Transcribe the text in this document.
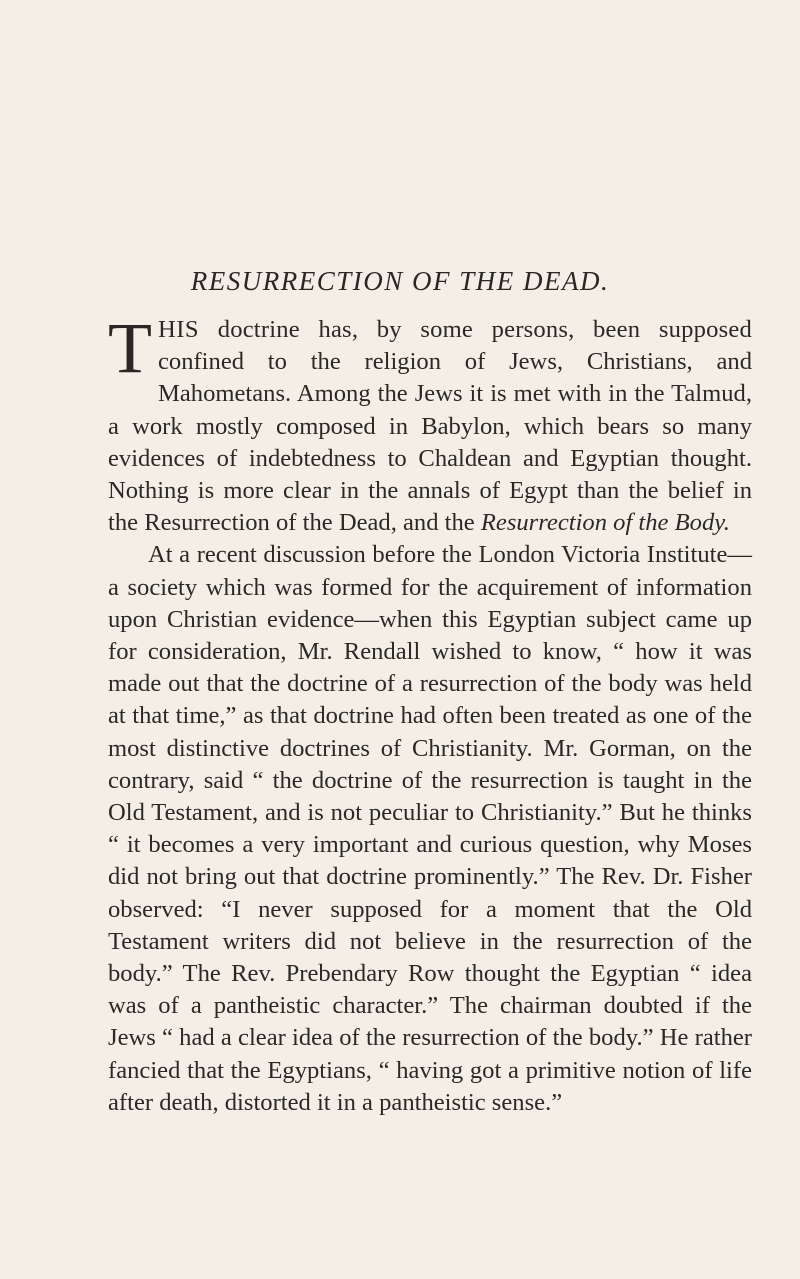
RESURRECTION OF THE DEAD.

THIS doctrine has, by some persons, been supposed confined to the religion of Jews, Christians, and Mahometans. Among the Jews it is met with in the Talmud, a work mostly composed in Babylon, which bears so many evidences of indebtedness to Chaldean and Egyptian thought. Nothing is more clear in the annals of Egypt than the belief in the Resurrection of the Dead, and the Resurrection of the Body.

At a recent discussion before the London Victoria Institute—a society which was formed for the acquirement of information upon Christian evidence—when this Egyptian subject came up for consideration, Mr. Rendall wished to know, “ how it was made out that the doctrine of a resurrection of the body was held at that time,” as that doctrine had often been treated as one of the most distinctive doctrines of Christianity. Mr. Gorman, on the contrary, said “ the doctrine of the resurrection is taught in the Old Testament, and is not peculiar to Christianity.” But he thinks “ it becomes a very important and curious question, why Moses did not bring out that doctrine prominently.” The Rev. Dr. Fisher observed: “I never supposed for a moment that the Old Testament writers did not believe in the resurrection of the body.” The Rev. Prebendary Row thought the Egyptian “ idea was of a pantheistic character.” The chairman doubted if the Jews “ had a clear idea of the resurrection of the body.” He rather fancied that the Egyptians, “ having got a primitive notion of life after death, distorted it in a pantheistic sense.”
